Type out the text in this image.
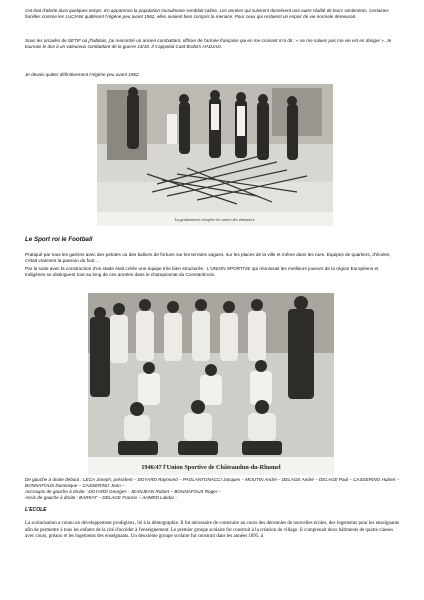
Cet état d'alerte dura quelques temps. En apparence la population musulmane semblait calme. Les années qui suivirent donnèrent une autre réalité de leurs sentiments. Certaines familles comme les LUCIANI quittèrent l'Algérie peu avant 1962, elles avaient bien compris la menace. Pour ceux qui restaient un espoir de vie normale demeurait.
Sous les arcades de SETIF où j'habitais, j'ai rencontré un ancien combattant, officier de l'armée française qui en me croisant m'a dit : « ne me salues pas ma vie est en danger ». Je tournais le dos à un valeureux combattant de la guerre 14/18. Il s'appelait Caïd Brahim HADJAD.
Je devais quitter définitivement l'Algérie peu avant 1962.
La gendarmerie récupère les armes des émeutiers.
Le Sport roi le Football
Pratiqué par tous les gamins avec des pelotes ou des ballons de fortune sur les terrains vagues, sur les places de la ville et même dans les rues. Equipes de quartiers, d'écoles, c'était vraiment la passion du foot…
Par la suite avec la construction d'un stade était créée une équipe très bien structurée : L'UNION SPORTIVE qui réunissait les meilleurs joueurs de la région Européens et Indigènes se distinguent tout au long de ces années dans le championnat du Constantinois.
1946/47 l'Union Sportive de Châteaudun-du-Rhumel
De gauche à droite debout : LECA Joseph, président – DOYARD Raymond – PAOLANTONACCI Jacques – MOUTIN André – DELAGE André – DELAGE Paul – CASSERINO Hubert – BONNAFOUS Dominique – CASSERINO Jean –
Accroupis de gauche à droite : DOYARD Georges - JEANJEAN Robert – BONNAFOUS Roger –
Assis de gauche à droite : BARKAT – DELAGE Francis – AHMED Lakdar -
L'ECOLE
La scolarisation a connu un développement prodigieux, lié à la démographie. Il fut nécessaire de construire au cours des décennies de nouvelles écoles, des logements pour les enseignants afin de permettre à tous les enfants de la cité d'accéder à l'enseignement. Le premier groupe scolaire fut construit à la création du village. Il comprenait deux bâtiments de quatre classes avec cours, préaux et les logements des enseignants. Un deuxième groupe scolaire fut construit dans les années 1895. à
